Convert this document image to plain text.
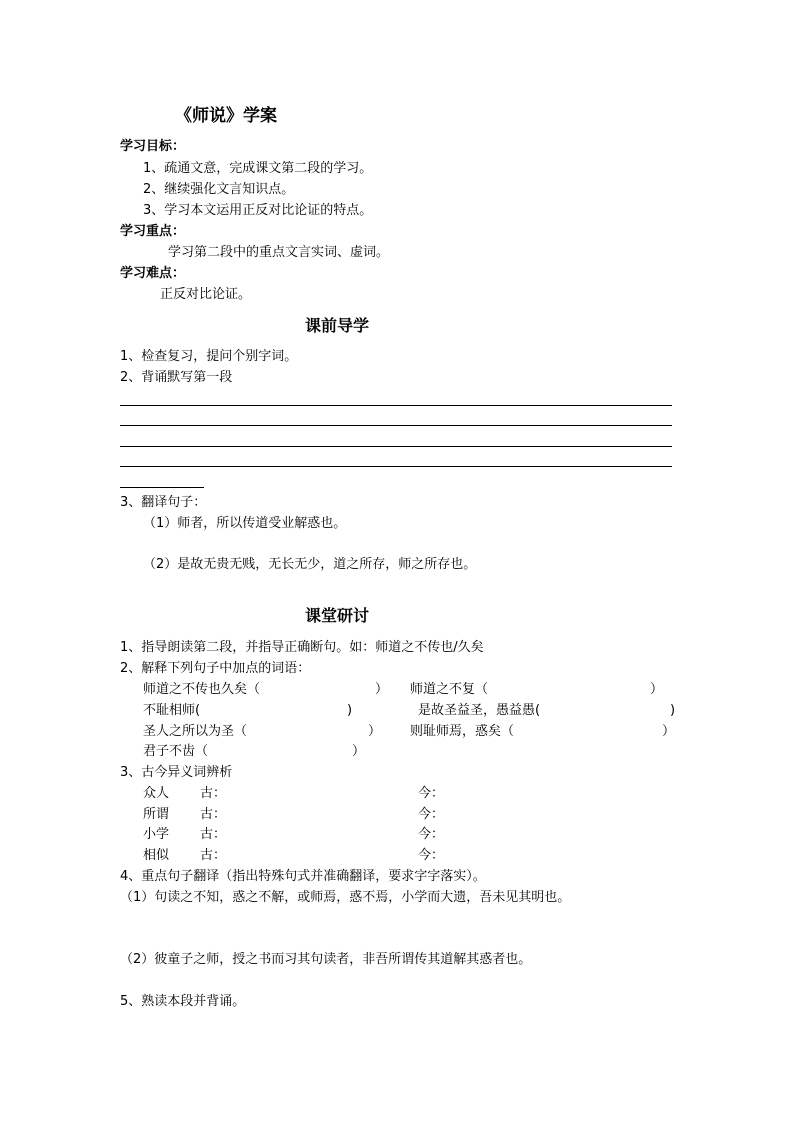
《师说》学案
学习目标：
1、疏通文意，完成课文第二段的学习。
2、继续强化文言知识点。
3、学习本文运用正反对比论证的特点。
学习重点：
学习第二段中的重点文言实词、虚词。
学习难点：
正反对比论证。
课前导学
1、检查复习，提问个别字词。
2、背诵默写第一段
3、翻译句子：
（1）师者，所以传道受业解惑也。
（2）是故无贵无贱，无长无少，道之所存，师之所存也。
课堂研讨
1、指导朗读第二段，并指导正确断句。如：师道之不传也/久矣
2、解释下列句子中加点的词语：
师道之不传也久矣（	） 师道之不复（	）
不耻相师(	)	是故圣益圣，愚益愚(	)
圣人之所以为圣（	） 则耻师焉，惑矣（	）
君子不齿（	）
3、古今异义词辨析
众人 古：	今：
所谓 古：	今：
小学 古：	今：
相似 古：	今：
4、重点句子翻译（指出特殊句式并准确翻译，要求字字落实）。
（1）句读之不知，惑之不解，或师焉，惑不焉，小学而大遗，吾未见其明也。
（2）彼童子之师，授之书而习其句读者，非吾所谓传其道解其惑者也。
5、熟读本段并背诵。
